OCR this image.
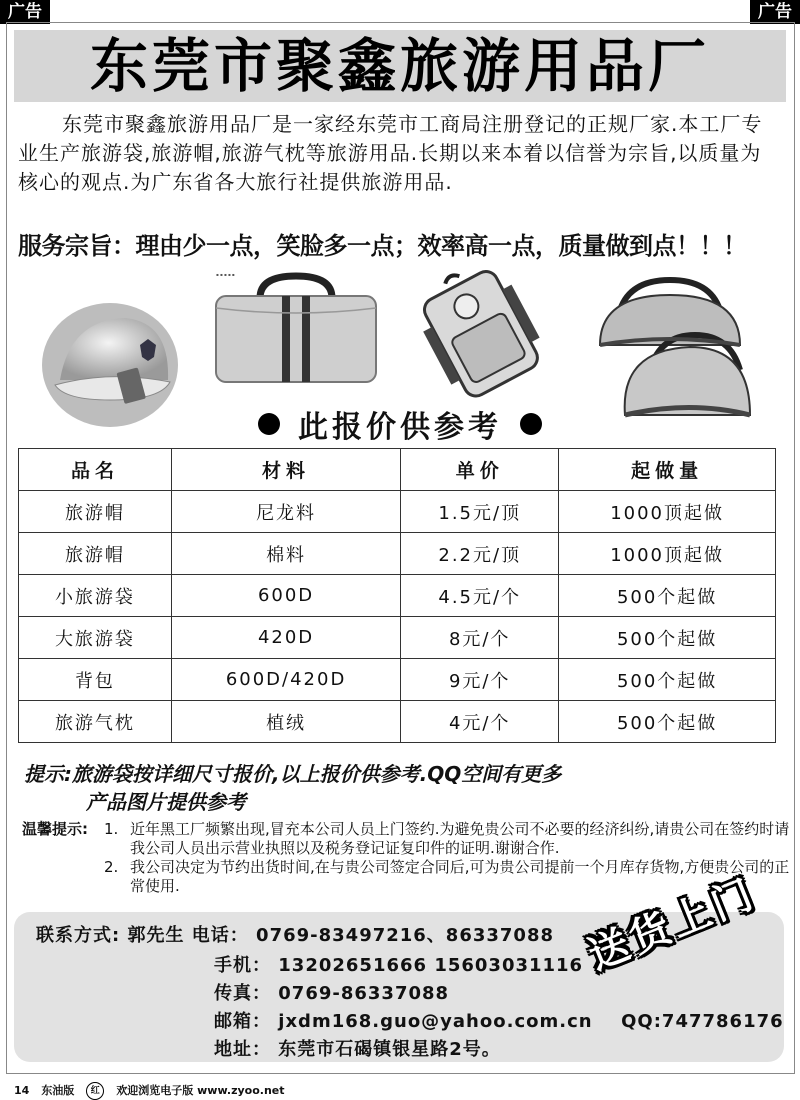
广告	广告
东莞市聚鑫旅游用品厂

东莞市聚鑫旅游用品厂是一家经东莞市工商局注册登记的正规厂家.本工厂专业生产旅游袋,旅游帽,旅游气枕等旅游用品.长期以来本着以信誉为宗旨,以质量为核心的观点.为广东省各大旅行社提供旅游用品.

服务宗旨：理由少一点，笑脸多一点；效率高一点，质量做到点！！！
▪ ▪ ▪ ▪ ▪
此报价供参考
品名	材料	单价	起做量
旅游帽	尼龙料	1.5元/顶	1000顶起做
旅游帽	棉料	2.2元/顶	1000顶起做
小旅游袋	600D	4.5元/个	500个起做
大旅游袋	420D	8元/个	500个起做
背包	600D/420D	9元/个	500个起做
旅游气枕	植绒	4元/个	500个起做
提示:旅游袋按详细尺寸报价,以上报价供参考.QQ空间有更多
产品图片提供参考
温馨提示:	1. 近年黑工厂频繁出现,冒充本公司人员上门签约.为避免贵公司不必要的经济纠纷,请贵公司在签约时请我公司人员出示营业执照以及税务登记证复印件的证明.谢谢合作.
2. 我公司决定为节约出货时间,在与贵公司签定合同后,可为贵公司提前一个月库存货物,方便贵公司的正常使用.
联系方式: 郭先生 电话： 0769-83497216、86337088
手机： 13202651666 15603031116
传真： 0769-86337088
邮箱： jxdm168.guo@yahoo.com.cn QQ:747786176
地址： 东莞市石碣镇银星路2号。
送货上门
14 东油版 红 欢迎浏览电子版 www.zyoo.net
